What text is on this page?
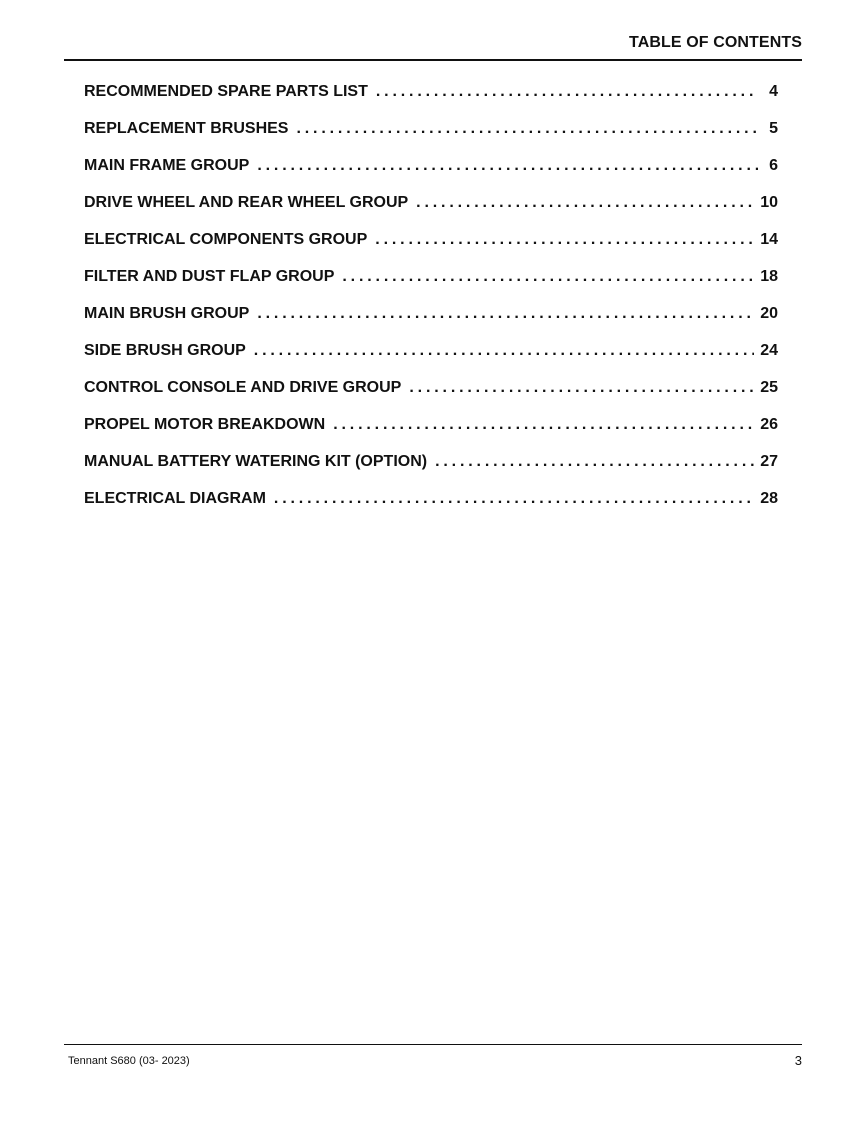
TABLE OF CONTENTS
RECOMMENDED SPARE PARTS LIST . . .	4
REPLACEMENT BRUSHES . . .	5
MAIN FRAME GROUP . . .	6
DRIVE WHEEL AND REAR WHEEL GROUP . . .	10
ELECTRICAL COMPONENTS GROUP . . .	14
FILTER AND DUST FLAP GROUP . . .	18
MAIN BRUSH GROUP . . .	20
SIDE BRUSH GROUP . . .	24
CONTROL CONSOLE AND DRIVE GROUP . . .	25
PROPEL MOTOR BREAKDOWN . . .	26
MANUAL BATTERY WATERING KIT (OPTION) . . .	27
ELECTRICAL DIAGRAM . . .	28
Tennant S680 (03- 2023)	3
